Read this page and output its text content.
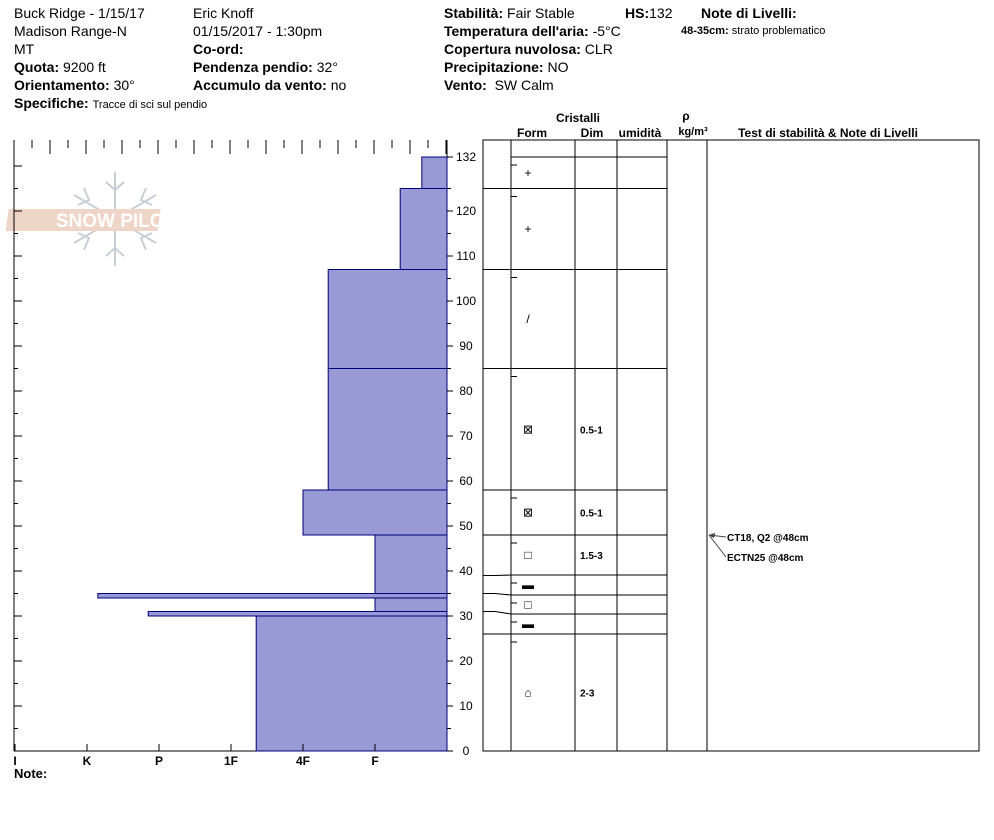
Buck Ridge - 1/15/17
Madison Range-N
MT
Quota: 9200 ft
Orientamento: 30°
Specifiche: Tracce di sci sul pendio
Eric Knoff
01/15/2017 - 1:30pm
Co-ord:
Pendenza pendio: 32°
Accumulo da vento: no
Stabilità: Fair Stable	HS:132
Temperatura dell'aria: -5°C
Copertura nuvolosa: CLR
Precipitazione: NO
Vento: SW Calm
Note di Livelli:
48-35cm: strato problematico
SNOW PILOT
I	K	P	1F	4F	F
0
10
20
30
40
50
60
70
80
90
100
110
120
132
+
+
/
⊠	0.5-1
⊠	0.5-1
□	1.5-3
▬
□
▬
⌂	2-3
CT18, Q2 @48cm
ECTN25 @48cm
Cristalli
Form	Dim umidità
ρ
kg/m³	Test di stabilità & Note di Livelli
Note:
